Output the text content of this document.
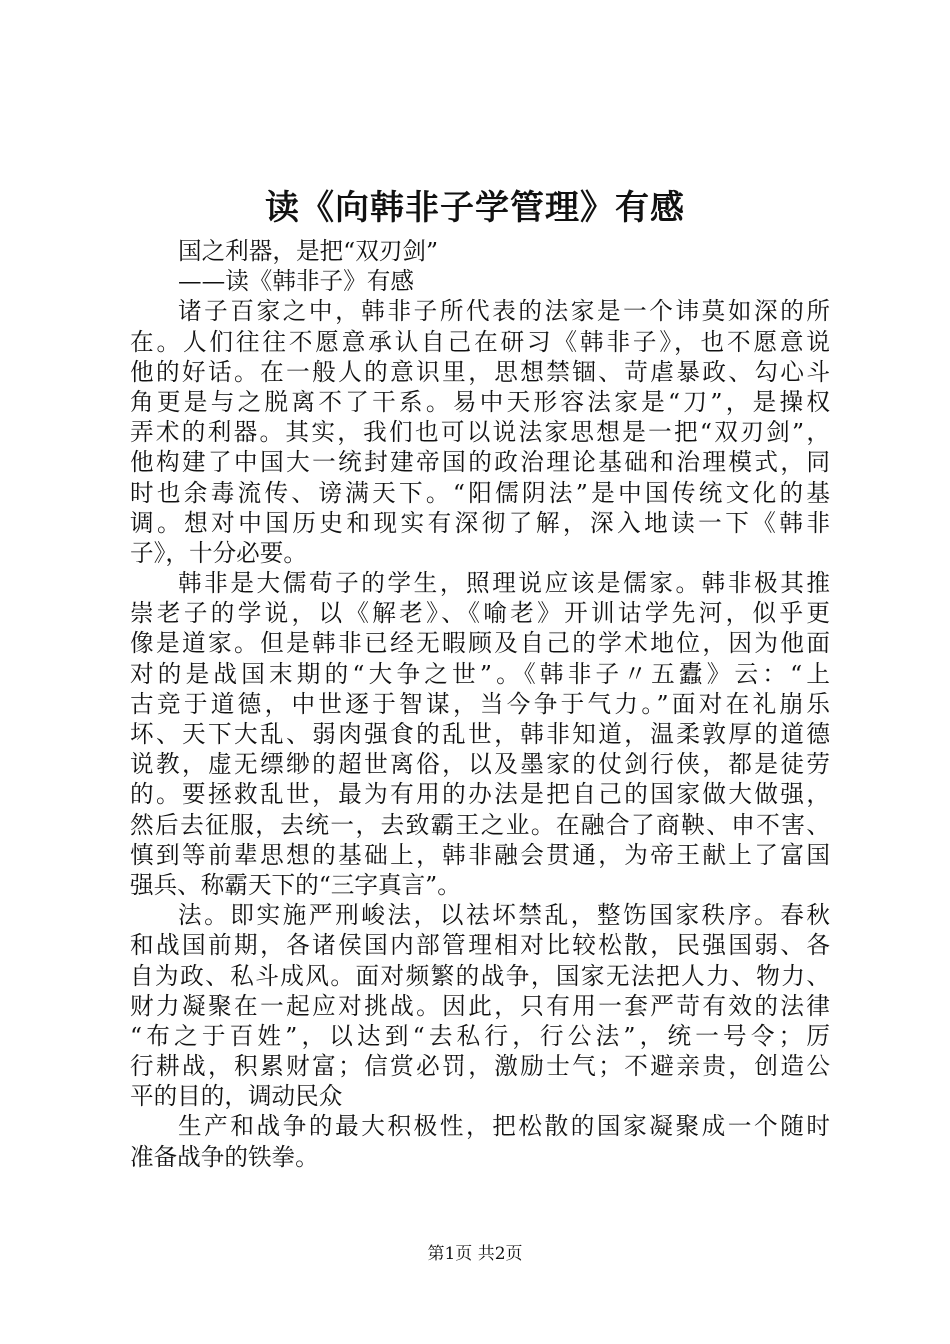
读《向韩非子学管理》有感
国之利器，是把“双刃剑”
——读《韩非子》有感
诸子百家之中，韩非子所代表的法家是一个讳莫如深的所
在。人们往往不愿意承认自己在研习《韩非子》，也不愿意说
他的好话。在一般人的意识里，思想禁锢、苛虐暴政、勾心斗
角更是与之脱离不了干系。易中天形容法家是“刀”，是操权
弄术的利器。其实，我们也可以说法家思想是一把“双刃剑”，
他构建了中国大一统封建帝国的政治理论基础和治理模式，同
时也余毒流传、谤满天下。“阳儒阴法”是中国传统文化的基
调。想对中国历史和现实有深彻了解，深入地读一下《韩非
子》，十分必要。
韩非是大儒荀子的学生，照理说应该是儒家。韩非极其推
崇老子的学说，以《解老》、《喻老》开训诂学先河，似乎更
像是道家。但是韩非已经无暇顾及自己的学术地位，因为他面
对的是战国末期的“大争之世”。《韩非子〃五蠹》云：“上
古竞于道德，中世逐于智谋，当今争于气力。”面对在礼崩乐
坏、天下大乱、弱肉强食的乱世，韩非知道，温柔敦厚的道德
说教，虚无缥缈的超世离俗，以及墨家的仗剑行侠，都是徒劳
的。要拯救乱世，最为有用的办法是把自己的国家做大做强，
然后去征服，去统一，去致霸王之业。在融合了商鞅、申不害、
慎到等前辈思想的基础上，韩非融会贯通，为帝王献上了富国
强兵、称霸天下的“三字真言”。
法。即实施严刑峻法，以祛坏禁乱，整饬国家秩序。春秋
和战国前期，各诸侯国内部管理相对比较松散，民强国弱、各
自为政、私斗成风。面对频繁的战争，国家无法把人力、物力、
财力凝聚在一起应对挑战。因此，只有用一套严苛有效的法律
“布之于百姓”，以达到“去私行，行公法”，统一号令；厉
行耕战，积累财富；信赏必罚，激励士气；不避亲贵，创造公
平的目的，调动民众
生产和战争的最大积极性，把松散的国家凝聚成一个随时
准备战争的铁拳。
第1页 共2页
